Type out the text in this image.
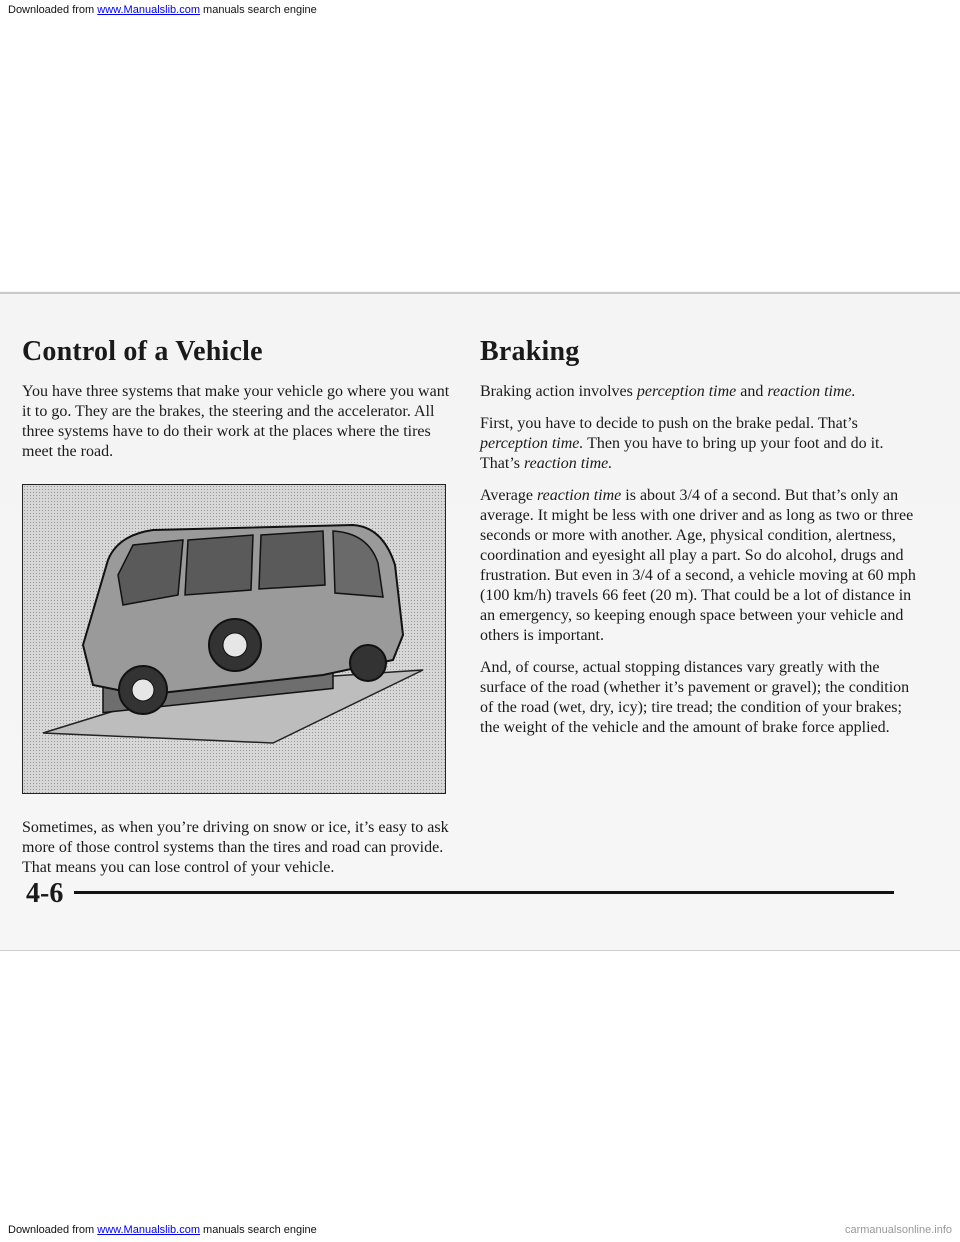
Downloaded from www.Manualslib.com manuals search engine
Control of a Vehicle

You have three systems that make your vehicle go where you want it to go. They are the brakes, the steering and the accelerator. All three systems have to do their work at the places where the tires meet the road.

Sometimes, as when you’re driving on snow or ice, it’s easy to ask more of those control systems than the tires and road can provide. That means you can lose control of your vehicle.

Braking

Braking action involves perception time and reaction time.

First, you have to decide to push on the brake pedal. That’s perception time. Then you have to bring up your foot and do it. That’s reaction time.

Average reaction time is about 3/4 of a second. But that’s only an average. It might be less with one driver and as long as two or three seconds or more with another. Age, physical condition, alertness, coordination and eyesight all play a part. So do alcohol, drugs and frustration. But even in 3/4 of a second, a vehicle moving at 60 mph (100 km/h) travels 66 feet (20 m). That could be a lot of distance in an emergency, so keeping enough space between your vehicle and others is important.

And, of course, actual stopping distances vary greatly with the surface of the road (whether it’s pavement or gravel); the condition of the road (wet, dry, icy); tire tread; the condition of your brakes; the weight of the vehicle and the amount of brake force applied.

4-6
Downloaded from www.Manualslib.com manuals search engine	carmanualsonline.info
